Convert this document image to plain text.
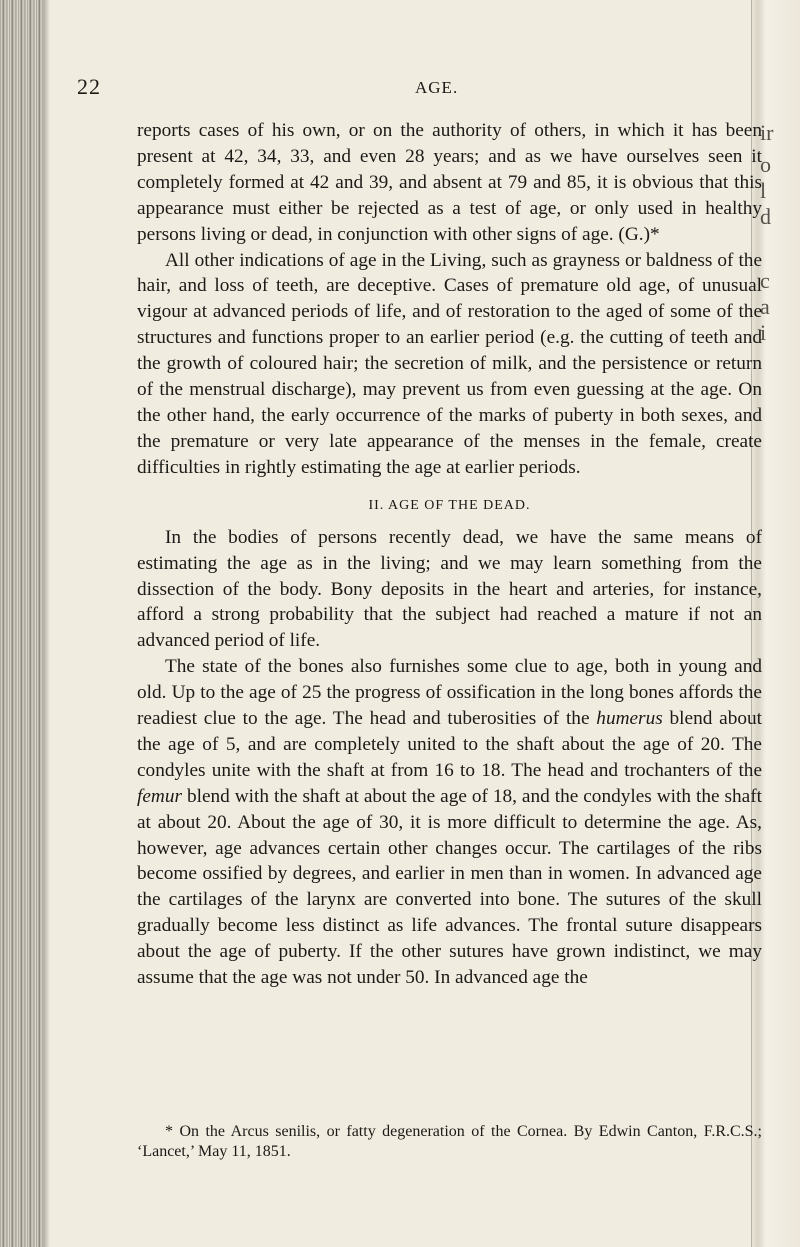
ir
o
l
d
c
a
i
22	AGE.

reports cases of his own, or on the authority of others, in which it has been present at 42, 34, 33, and even 28 years; and as we have ourselves seen it completely formed at 42 and 39, and absent at 79 and 85, it is obvious that this appearance must either be rejected as a test of age, or only used in healthy persons living or dead, in conjunction with other signs of age. (G.)*

All other indications of age in the Living, such as grayness or baldness of the hair, and loss of teeth, are deceptive. Cases of premature old age, of unusual vigour at advanced periods of life, and of restoration to the aged of some of the structures and functions proper to an earlier period (e.g. the cutting of teeth and the growth of coloured hair; the secretion of milk, and the persistence or return of the menstrual discharge), may prevent us from even guessing at the age. On the other hand, the early occurrence of the marks of puberty in both sexes, and the premature or very late appearance of the menses in the female, create difficulties in rightly estimating the age at earlier periods.

II. AGE OF THE DEAD.

In the bodies of persons recently dead, we have the same means of estimating the age as in the living; and we may learn something from the dissection of the body. Bony deposits in the heart and arteries, for instance, afford a strong probability that the subject had reached a mature if not an advanced period of life.

The state of the bones also furnishes some clue to age, both in young and old. Up to the age of 25 the progress of ossification in the long bones affords the readiest clue to the age. The head and tuberosities of the humerus blend about the age of 5, and are completely united to the shaft about the age of 20. The condyles unite with the shaft at from 16 to 18. The head and trochanters of the femur blend with the shaft at about the age of 18, and the condyles with the shaft at about 20. About the age of 30, it is more difficult to determine the age. As, however, age advances certain other changes occur. The cartilages of the ribs become ossified by degrees, and earlier in men than in women. In advanced age the cartilages of the larynx are converted into bone. The sutures of the skull gradually become less distinct as life advances. The frontal suture disappears about the age of puberty. If the other sutures have grown indistinct, we may assume that the age was not under 50. In advanced age the

* On the Arcus senilis, or fatty degeneration of the Cornea. By Edwin Canton, F.R.C.S.; ‘Lancet,’ May 11, 1851.
